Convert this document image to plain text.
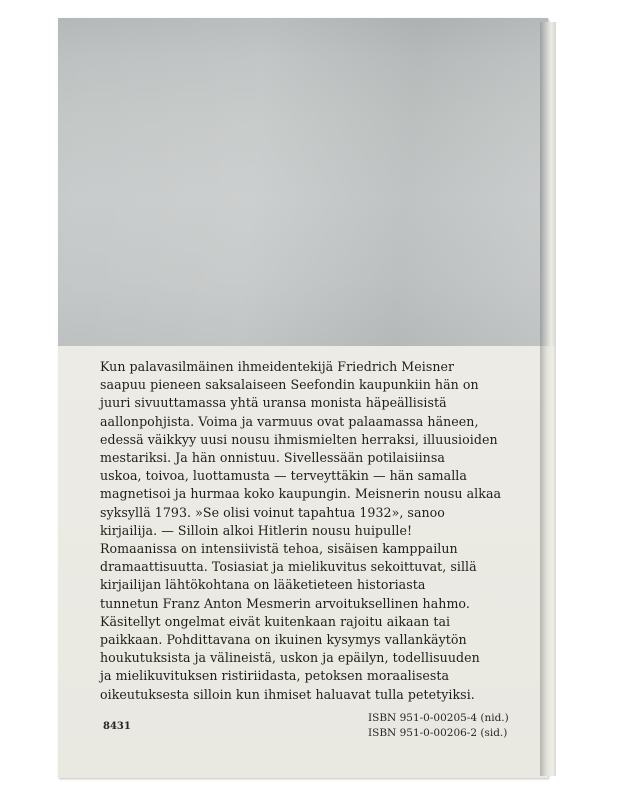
Kun palavasilmäinen ihmeidentekijä Friedrich Meisner
saapuu pieneen saksalaiseen Seefondin kaupunkiin hän on
juuri sivuuttamassa yhtä uransa monista häpeällisistä
aallonpohjista. Voima ja varmuus ovat palaamassa häneen,
edessä väikkyy uusi nousu ihmismielten herraksi, illuusioiden
mestariksi. Ja hän onnistuu. Sivellessään potilaisiinsa
uskoa, toivoa, luottamusta — terveyttäkin — hän samalla
magnetisoi ja hurmaa koko kaupungin. Meisnerin nousu alkaa
syksyllä 1793. »Se olisi voinut tapahtua 1932», sanoo
kirjailija. — Silloin alkoi Hitlerin nousu huipulle!
Romaanissa on intensiivistä tehoa, sisäisen kamppailun
dramaattisuutta. Tosiasiat ja mielikuvitus sekoittuvat, sillä
kirjailijan lähtökohtana on lääketieteen historiasta
tunnetun Franz Anton Mesmerin arvoituksellinen hahmo.
Käsitellyt ongelmat eivät kuitenkaan rajoitu aikaan tai
paikkaan. Pohdittavana on ikuinen kysymys vallankäytön
houkutuksista ja välineistä, uskon ja epäilyn, todellisuuden
ja mielikuvituksen ristiriidasta, petoksen moraalisesta
oikeutuksesta silloin kun ihmiset haluavat tulla petetyiksi.

8431
ISBN 951-0-00205-4 (nid.)
ISBN 951-0-00206-2 (sid.)
